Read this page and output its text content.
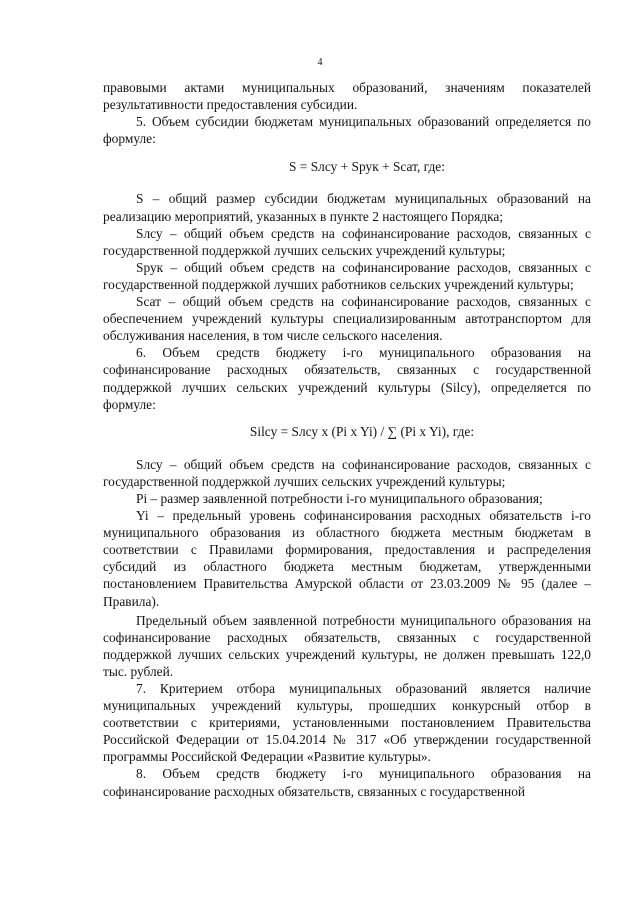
4

правовыми актами муниципальных образований, значениям показателей результативности предоставления субсидии.

5. Объем субсидии бюджетам муниципальных образований определяется по формуле:

S = Sлсу + Sрук + Sсат, где:

S – общий размер субсидии бюджетам муниципальных образований на реализацию мероприятий, указанных в пункте 2 настоящего Порядка;

Sлсу – общий объем средств на софинансирование расходов, связанных с государственной поддержкой лучших сельских учреждений культуры;

Sрук – общий объем средств на софинансирование расходов, связанных с государственной поддержкой лучших работников сельских учреждений культуры;

Sсат – общий объем средств на софинансирование расходов, связанных с обеспечением учреждений культуры специализированным автотранспортом для обслуживания населения, в том числе сельского населения.

6. Объем средств бюджету i-го муниципального образования на софинансирование расходных обязательств, связанных с государственной поддержкой лучших сельских учреждений культуры (Silсу), определяется по формуле:

Silсу = Sлсу x (Pi x Yi) / ∑ (Pi x Yi), где:

Sлсу – общий объем средств на софинансирование расходов, связанных с государственной поддержкой лучших сельских учреждений культуры;

Pi – размер заявленной потребности i-го муниципального образования;

Yi – предельный уровень софинансирования расходных обязательств i-го муниципального образования из областного бюджета местным бюджетам в соответствии с Правилами формирования, предоставления и распределения субсидий из областного бюджета местным бюджетам, утвержденными постановлением Правительства Амурской области от 23.03.2009 № 95 (далее – Правила).

Предельный объем заявленной потребности муниципального образования на софинансирование расходных обязательств, связанных с государственной поддержкой лучших сельских учреждений культуры, не должен превышать 122,0 тыс. рублей.

7. Критерием отбора муниципальных образований является наличие муниципальных учреждений культуры, прошедших конкурсный отбор в соответствии с критериями, установленными постановлением Правительства Российской Федерации от 15.04.2014 № 317 «Об утверждении государственной программы Российской Федерации «Развитие культуры».

8. Объем средств бюджету i-го муниципального образования на софинансирование расходных обязательств, связанных с государственной
